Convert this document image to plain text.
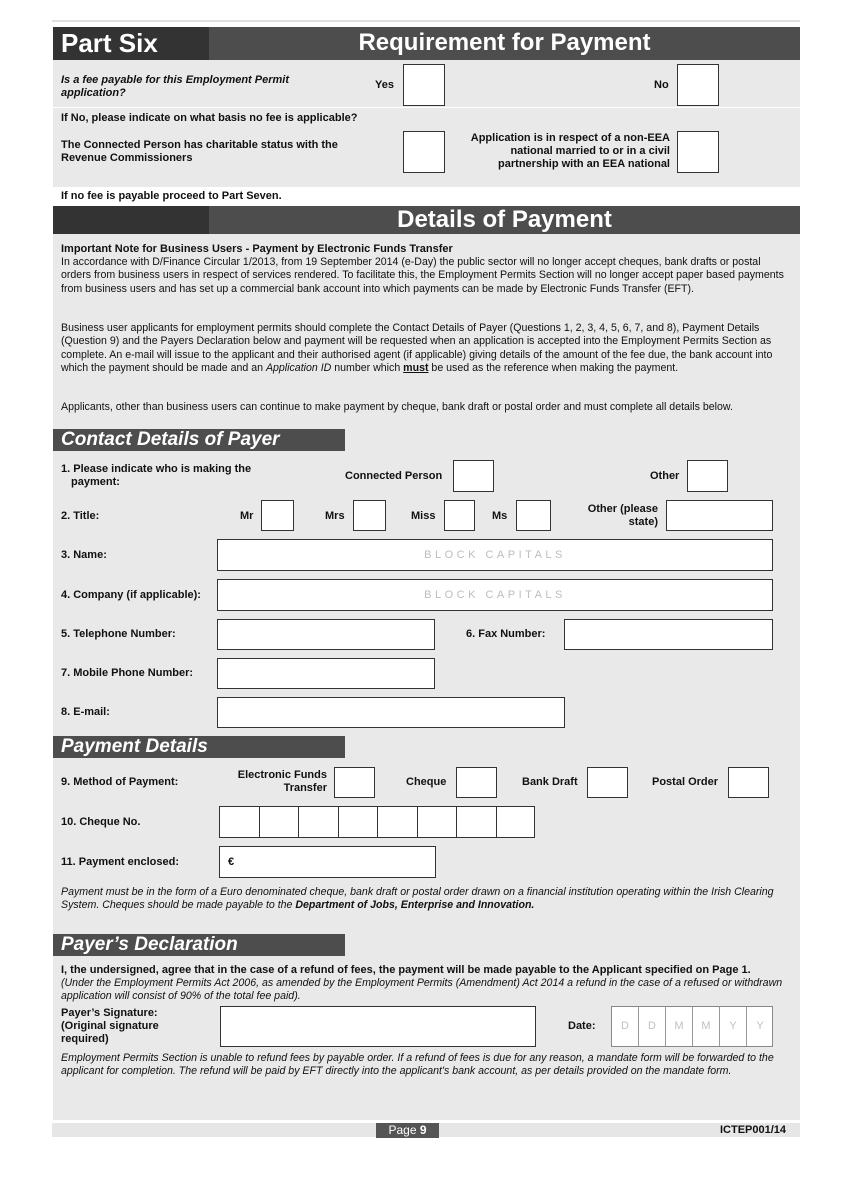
Part Six	Requirement for Payment
Is a fee payable for this Employment Permit application?
Yes	No
If No, please indicate on what basis no fee is applicable?
The Connected Person has charitable status with the Revenue Commissioners
Application is in respect of a non-EEA national married to or in a civil partnership with an EEA national
If no fee is payable proceed to Part Seven.
Details of Payment
Important Note for Business Users - Payment by Electronic Funds Transfer
In accordance with D/Finance Circular 1/2013, from 19 September 2014 (e-Day) the public sector will no longer accept cheques, bank drafts or postal orders from business users in respect of services rendered. To facilitate this, the Employment Permits Section will no longer accept paper based payments from business users and has set up a commercial bank account into which payments can be made by Electronic Funds Transfer (EFT).
Business user applicants for employment permits should complete the Contact Details of Payer (Questions 1, 2, 3, 4, 5, 6, 7, and 8), Payment Details (Question 9) and the Payers Declaration below and payment will be requested when an application is accepted into the Employment Permits Section as complete. An e-mail will issue to the applicant and their authorised agent (if applicable) giving details of the amount of the fee due, the bank account into which the payment should be made and an Application ID number which must be used as the reference when making the payment.
Applicants, other than business users can continue to make payment by cheque, bank draft or postal order and must complete all details below.
Contact Details of Payer
1. Please indicate who is making the payment:	Connected Person	Other
2. Title:	Mr	Mrs	Miss	Ms
Other (please state)
3. Name:	BLOCK CAPITALS
4. Company (if applicable):	BLOCK CAPITALS
5. Telephone Number:	6. Fax Number:
7. Mobile Phone Number:
8. E-mail:
Payment Details
9. Method of Payment:
Electronic Funds Transfer	Cheque	Bank Draft	Postal Order
10. Cheque No.
11. Payment enclosed:	€
Payment must be in the form of a Euro denominated cheque, bank draft or postal order drawn on a financial institution operating within the Irish Clearing System. Cheques should be made payable to the Department of Jobs, Enterprise and Innovation.
Payer’s Declaration
I, the undersigned, agree that in the case of a refund of fees, the payment will be made payable to the Applicant specified on Page 1.
(Under the Employment Permits Act 2006, as amended by the Employment Permits (Amendment) Act 2014 a refund in the case of a refused or withdrawn application will consist of 90% of the total fee paid).
Payer’s Signature: (Original signature required)
Date:	D	D	M	M	Y	Y
Employment Permits Section is unable to refund fees by payable order. If a refund of fees is due for any reason, a mandate form will be forwarded to the applicant for completion. The refund will be paid by EFT directly into the applicant's bank account, as per details provided on the mandate form.
Page 9	ICTEP001/14
